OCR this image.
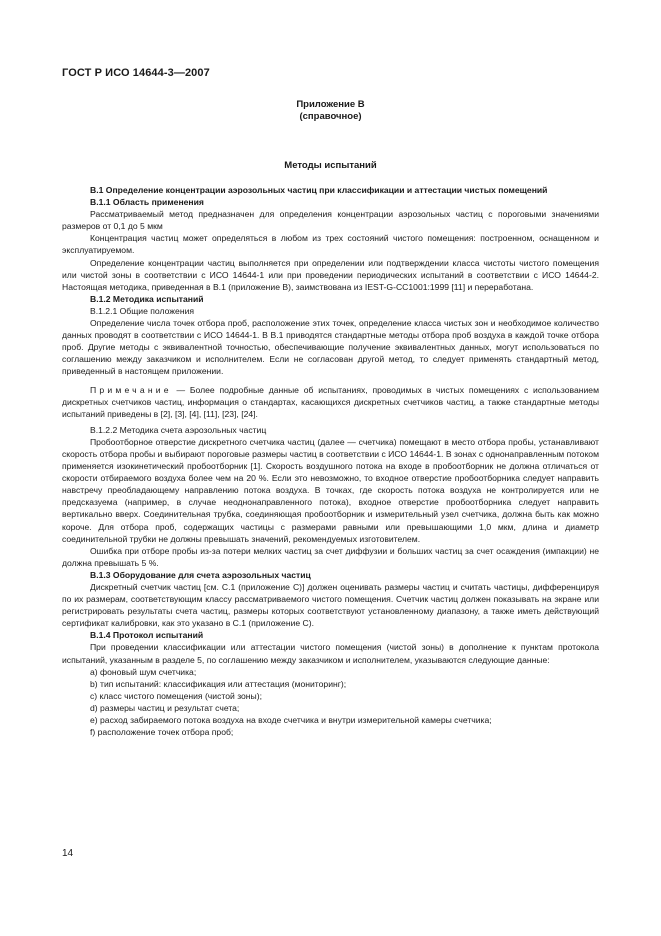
ГОСТ Р ИСО 14644-3—2007
Приложение В
(справочное)
Методы испытаний

В.1 Определение концентрации аэрозольных частиц при классификации и аттестации чистых помещений

В.1.1 Область применения

Рассматриваемый метод предназначен для определения концентрации аэрозольных частиц с пороговыми значениями размеров от 0,1 до 5 мкм

Концентрация частиц может определяться в любом из трех состояний чистого помещения: построенном, оснащенном и эксплуатируемом.

Определение концентрации частиц выполняется при определении или подтверждении класса чистоты чистого помещения или чистой зоны в соответствии с ИСО 14644-1 или при проведении периодических испытаний в соответствии с ИСО 14644-2. Настоящая методика, приведенная в В.1 (приложение В), заимствована из IEST-G-CC1001:1999 [11] и переработана.

В.1.2 Методика испытаний

В.1.2.1 Общие положения

Определение числа точек отбора проб, расположение этих точек, определение класса чистых зон и необходимое количество данных проводят в соответствии с ИСО 14644-1. В В.1 приводятся стандартные методы отбора проб воздуха в каждой точке отбора проб. Другие методы с эквивалентной точностью, обеспечивающие получение эквивалентных данных, могут использоваться по соглашению между заказчиком и исполнителем. Если не согласован другой метод, то следует применять стандартный метод, приведенный в настоящем приложении.

Примечание — Более подробные данные об испытаниях, проводимых в чистых помещениях с использованием дискретных счетчиков частиц, информация о стандартах, касающихся дискретных счетчиков частиц, а также стандартные методы испытаний приведены в [2], [3], [4], [11], [23], [24].

В.1.2.2 Методика счета аэрозольных частиц

Пробоотборное отверстие дискретного счетчика частиц (далее — счетчика) помещают в место отбора пробы, устанавливают скорость отбора пробы и выбирают пороговые размеры частиц в соответствии с ИСО 14644-1. В зонах с однонаправленным потоком применяется изокинетический пробоотборник [1]. Скорость воздушного потока на входе в пробоотборник не должна отличаться от скорости отбираемого воздуха более чем на 20 %. Если это невозможно, то входное отверстие пробоотборника следует направить навстречу преобладающему направлению потока воздуха. В точках, где скорость потока воздуха не контролируется или не предсказуема (например, в случае неоднонаправленного потока), входное отверстие пробоотборника следует направить вертикально вверх. Соединительная трубка, соединяющая пробоотборник и измерительный узел счетчика, должна быть как можно короче. Для отбора проб, содержащих частицы с размерами равными или превышающими 1,0 мкм, длина и диаметр соединительной трубки не должны превышать значений, рекомендуемых изготовителем.

Ошибка при отборе пробы из-за потери мелких частиц за счет диффузии и больших частиц за счет осаждения (импакции) не должна превышать 5 %.

В.1.3 Оборудование для счета аэрозольных частиц

Дискретный счетчик частиц [см. С.1 (приложение С)] должен оценивать размеры частиц и считать частицы, дифференцируя по их размерам, соответствующим классу рассматриваемого чистого помещения. Счетчик частиц должен показывать на экране или регистрировать результаты счета частиц, размеры которых соответствуют установленному диапазону, а также иметь действующий сертификат калибровки, как это указано в С.1 (приложение С).

В.1.4 Протокол испытаний

При проведении классификации или аттестации чистого помещения (чистой зоны) в дополнение к пунктам протокола испытаний, указанным в разделе 5, по соглашению между заказчиком и исполнителем, указываются следующие данные:

а) фоновый шум счетчика;

b) тип испытаний: классификация или аттестация (мониторинг);

c) класс чистого помещения (чистой зоны);

d) размеры частиц и результат счета;

e) расход забираемого потока воздуха на входе счетчика и внутри измерительной камеры счетчика;

f) расположение точек отбора проб;

14
